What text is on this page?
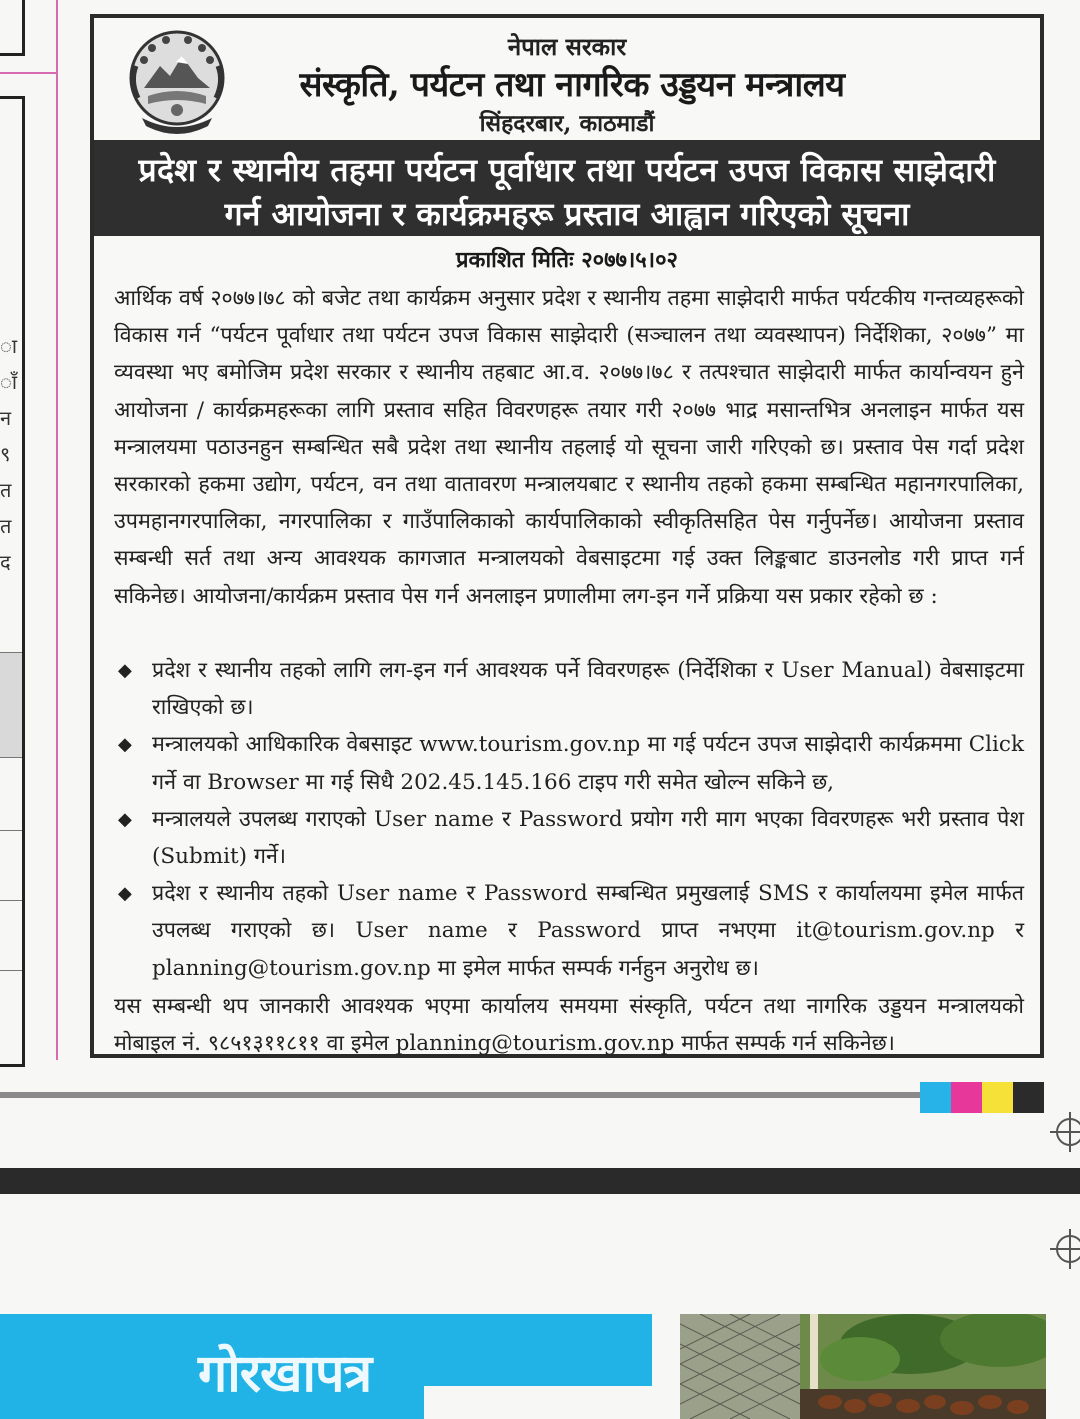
ा
ाँ
न
९
त
त
द
नेपाल सरकार
संस्कृति, पर्यटन तथा नागरिक उड्डयन मन्त्रालय
सिंहदरबार, काठमाडौं
प्रदेश र स्थानीय तहमा पर्यटन पूर्वाधार तथा पर्यटन उपज विकास साझेदारी
गर्न आयोजना र कार्यक्रमहरू प्रस्ताव आह्वान गरिएको सूचना
प्रकाशित मितिः २०७७।५।०२
आर्थिक वर्ष २०७७।७८ को बजेट तथा कार्यक्रम अनुसार प्रदेश र स्थानीय तहमा साझेदारी मार्फत पर्यटकीय गन्तव्यहरूको विकास गर्न “पर्यटन पूर्वाधार तथा पर्यटन उपज विकास साझेदारी (सञ्चालन तथा व्यवस्थापन) निर्देशिका, २०७७” मा व्यवस्था भए बमोजिम प्रदेश सरकार र स्थानीय तहबाट आ.व. २०७७।७८ र तत्पश्चात साझेदारी मार्फत कार्यान्वयन हुने आयोजना / कार्यक्रमहरूका लागि प्रस्ताव सहित विवरणहरू तयार गरी २०७७ भाद्र मसान्तभित्र अनलाइन मार्फत यस मन्त्रालयमा पठाउनहुन सम्बन्धित सबै प्रदेश तथा स्थानीय तहलाई यो सूचना जारी गरिएको छ। प्रस्ताव पेस गर्दा प्रदेश सरकारको हकमा उद्योग, पर्यटन, वन तथा वातावरण मन्त्रालयबाट र स्थानीय तहको हकमा सम्बन्धित महानगरपालिका, उपमहानगरपालिका, नगरपालिका र गाउँपालिकाको कार्यपालिकाको स्वीकृतिसहित पेस गर्नुपर्नेछ। आयोजना प्रस्ताव सम्बन्धी सर्त तथा अन्य आवश्यक कागजात मन्त्रालयको वेबसाइटमा गई उक्त लिङ्कबाट डाउनलोड गरी प्राप्त गर्न सकिनेछ। आयोजना/कार्यक्रम प्रस्ताव पेस गर्न अनलाइन प्रणालीमा लग-इन गर्ने प्रक्रिया यस प्रकार रहेको छ :
◆ प्रदेश र स्थानीय तहको लागि लग-इन गर्न आवश्यक पर्ने विवरणहरू (निर्देशिका र User Manual) वेबसाइटमा राखिएको छ।
◆ मन्त्रालयको आधिकारिक वेबसाइट www.tourism.gov.np मा गई पर्यटन उपज साझेदारी कार्यक्रममा Click गर्ने वा Browser मा गई सिधै 202.45.145.166 टाइप गरी समेत खोल्न सकिने छ,
◆ मन्त्रालयले उपलब्ध गराएको User name र Password प्रयोग गरी माग भएका विवरणहरू भरी प्रस्ताव पेश (Submit) गर्ने।
◆ प्रदेश र स्थानीय तहको User name र Password सम्बन्धित प्रमुखलाई SMS र कार्यालयमा इमेल मार्फत उपलब्ध गराएको छ। User name र Password प्राप्त नभएमा it@tourism.gov.np र planning@tourism.gov.np मा इमेल मार्फत सम्पर्क गर्नहुन अनुरोध छ।
यस सम्बन्धी थप जानकारी आवश्यक भएमा कार्यालय समयमा संस्कृति, पर्यटन तथा नागरिक उड्डयन मन्त्रालयको मोबाइल नं. ९८५१३११८११ वा इमेल planning@tourism.gov.np मार्फत सम्पर्क गर्न सकिनेछ।
गोरखापत्र
